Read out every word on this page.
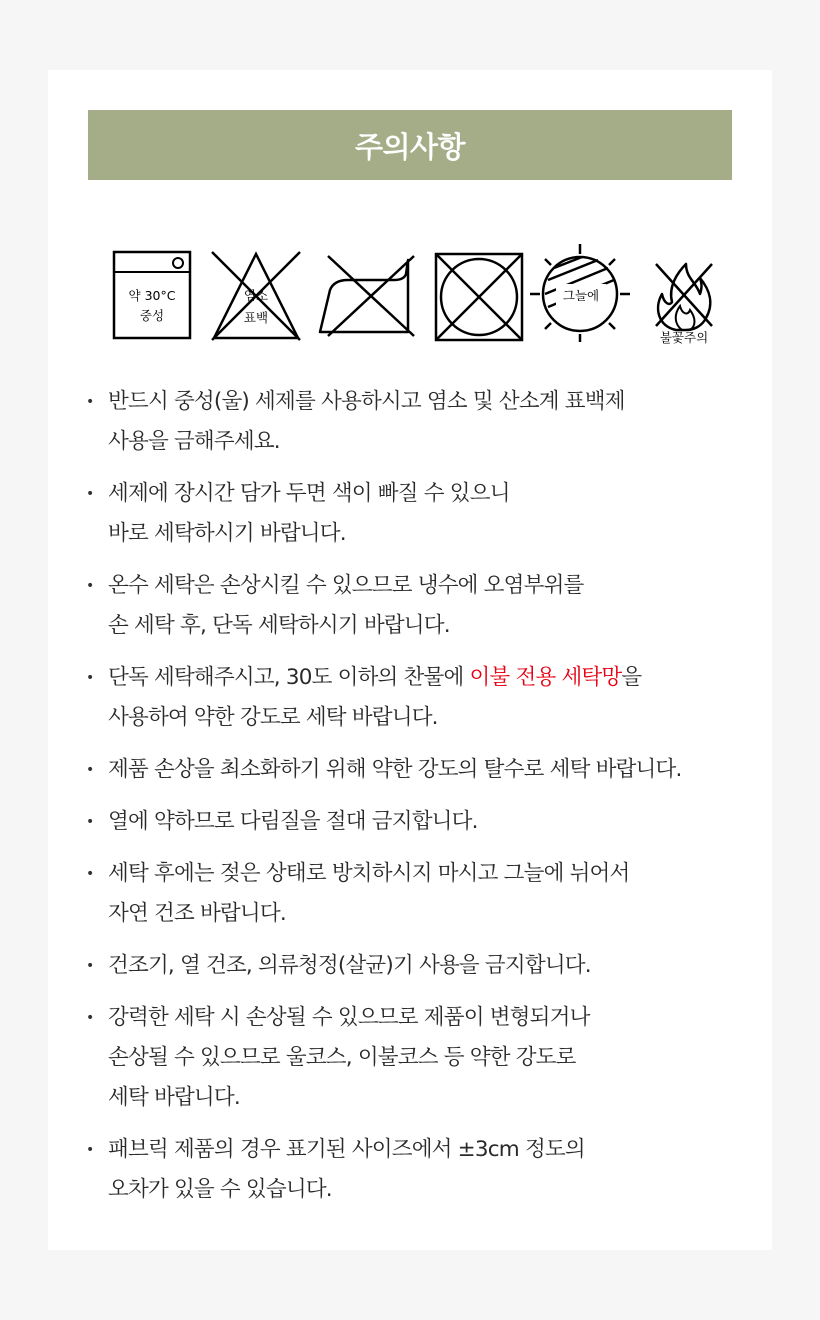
주의사항
약 30°C
중성
염소
표백
그늘에
불꽃주의
• 반드시 중성(울) 세제를 사용하시고 염소 및 산소계 표백제
사용을 금해주세요.
• 세제에 장시간 담가 두면 색이 빠질 수 있으니
바로 세탁하시기 바랍니다.
• 온수 세탁은 손상시킬 수 있으므로 냉수에 오염부위를
손 세탁 후, 단독 세탁하시기 바랍니다.
• 단독 세탁해주시고, 30도 이하의 찬물에 이불 전용 세탁망을
사용하여 약한 강도로 세탁 바랍니다.
• 제품 손상을 최소화하기 위해 약한 강도의 탈수로 세탁 바랍니다.
• 열에 약하므로 다림질을 절대 금지합니다.
• 세탁 후에는 젖은 상태로 방치하시지 마시고 그늘에 뉘어서
자연 건조 바랍니다.
• 건조기, 열 건조, 의류청정(살균)기 사용을 금지합니다.
• 강력한 세탁 시 손상될 수 있으므로 제품이 변형되거나
손상될 수 있으므로 울코스, 이불코스 등 약한 강도로
세탁 바랍니다.
• 패브릭 제품의 경우 표기된 사이즈에서 ±3cm 정도의
오차가 있을 수 있습니다.
